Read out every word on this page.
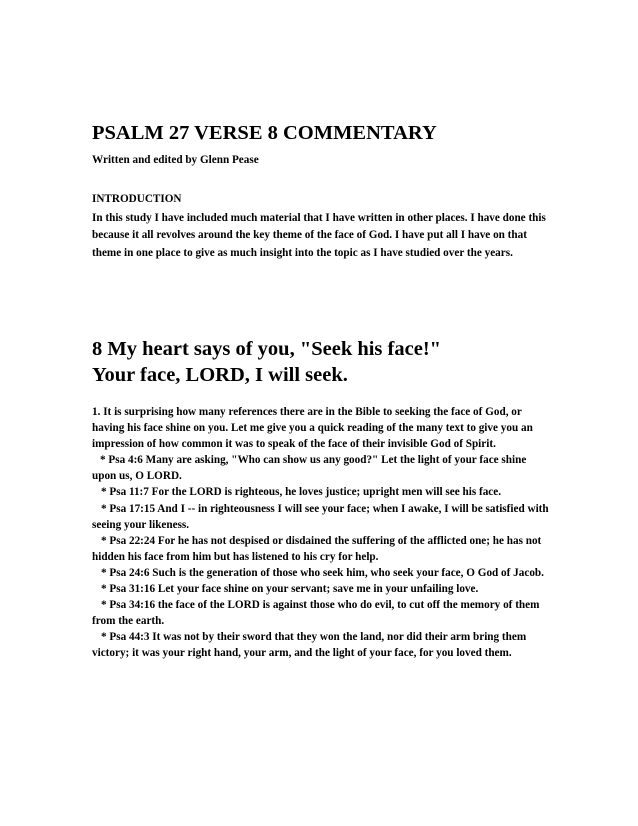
PSALM 27 VERSE 8 COMMENTARY
Written and edited by Glenn Pease
INTRODUCTION
In this study I have included much material that I have written in other places. I have done this because it all revolves around the key theme of the face of God. I have put all I have on that theme in one place to give as much insight into the topic as I have studied over the years.
8 My heart says of you, "Seek his face!"
Your face, LORD, I will seek.

1. It is surprising how many references there are in the Bible to seeking the face of God, or having his face shine on you. Let me give you a quick reading of the many text to give you an impression of how common it was to speak of the face of their invisible God of Spirit.

* Psa 4:6 Many are asking, "Who can show us any good?" Let the light of your face shine upon us, O LORD.

* Psa 11:7 For the LORD is righteous, he loves justice; upright men will see his face.

* Psa 17:15 And I -- in righteousness I will see your face; when I awake, I will be satisfied with seeing your likeness.

* Psa 22:24 For he has not despised or disdained the suffering of the afflicted one; he has not hidden his face from him but has listened to his cry for help.

* Psa 24:6 Such is the generation of those who seek him, who seek your face, O God of Jacob.

* Psa 31:16 Let your face shine on your servant; save me in your unfailing love.

* Psa 34:16 the face of the LORD is against those who do evil, to cut off the memory of them from the earth.

* Psa 44:3 It was not by their sword that they won the land, nor did their arm bring them victory; it was your right hand, your arm, and the light of your face, for you loved them.
